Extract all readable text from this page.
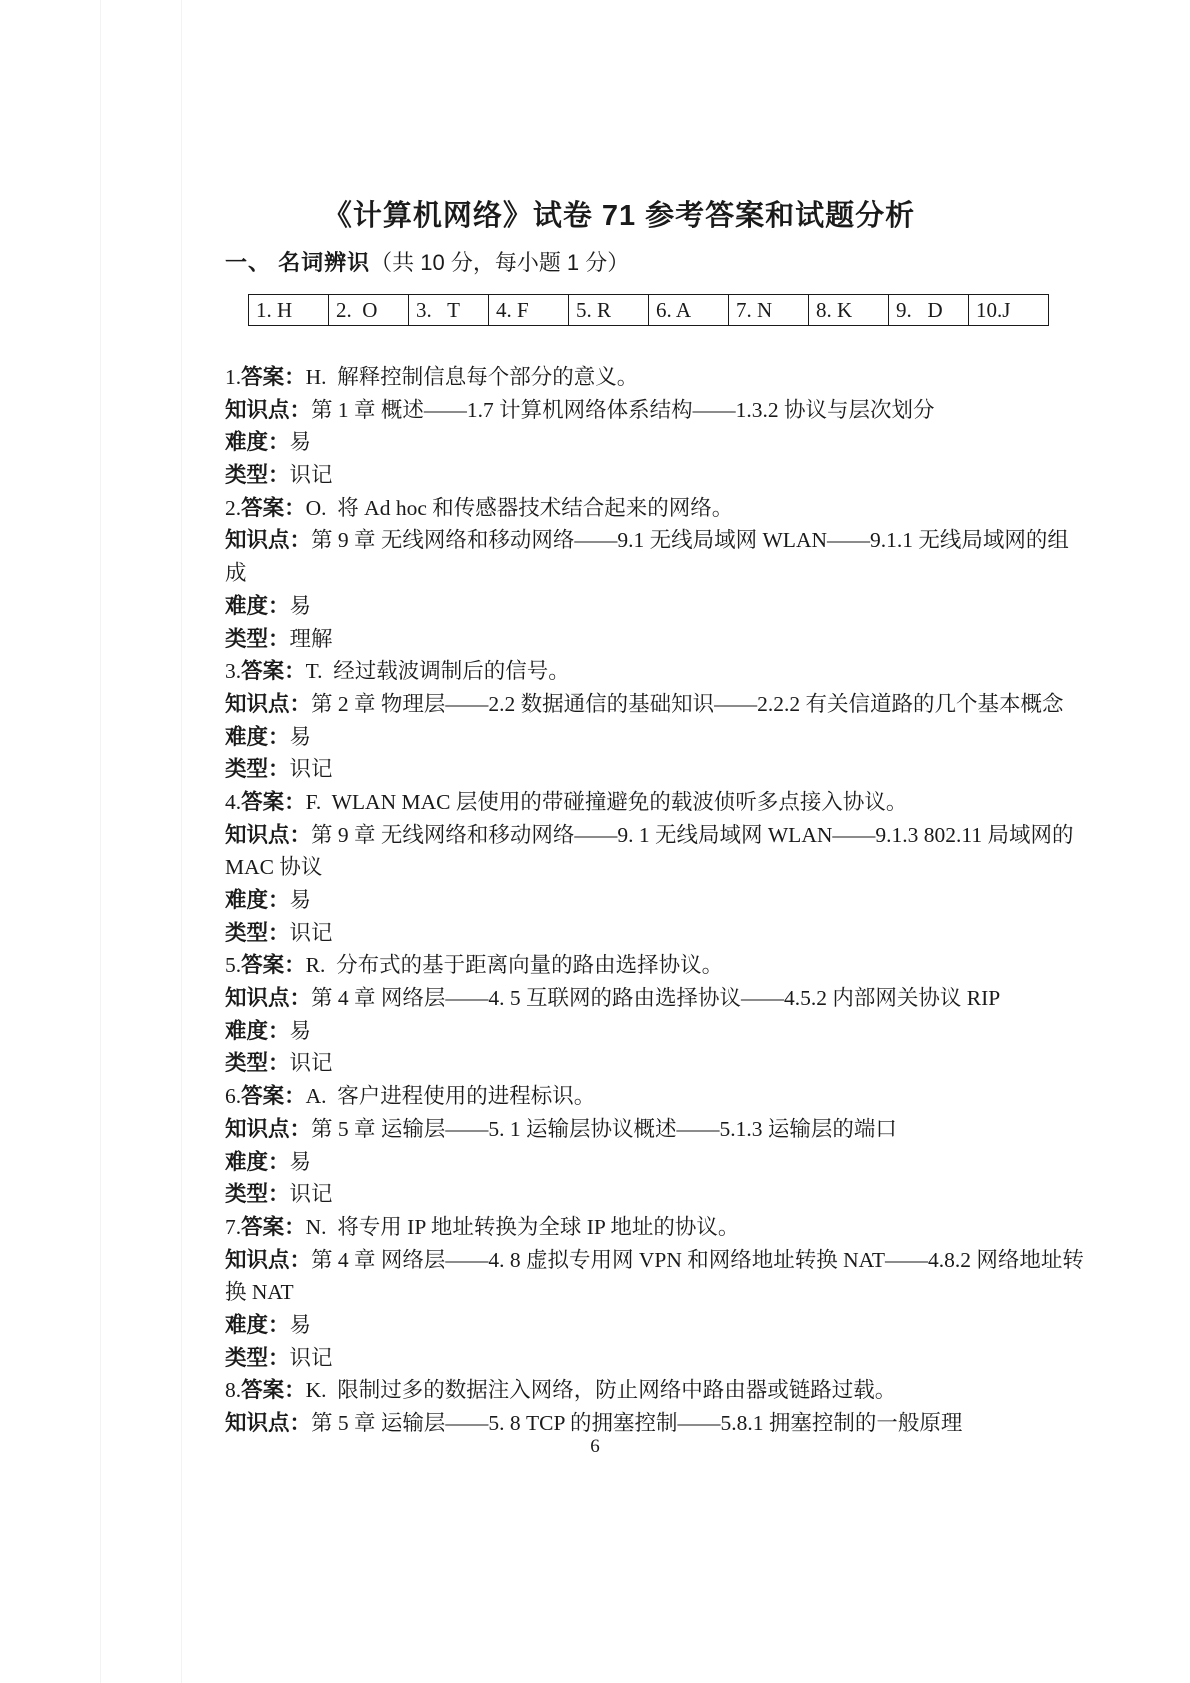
《计算机网络》试卷 71 参考答案和试题分析
一、 名词辨识（共 10 分，每小题 1 分）
1. H	2.  O	3.   T	4. F	5. R	6. A	7. N	8. K	9.   D	10.J
1.答案：H.  解释控制信息每个部分的意义。
知识点：第 1 章 概述——1.7 计算机网络体系结构——1.3.2 协议与层次划分
难度：易
类型：识记
2.答案：O.  将 Ad hoc 和传感器技术结合起来的网络。
知识点：第 9 章 无线网络和移动网络——9.1 无线局域网 WLAN——9.1.1 无线局域网的组
成
难度：易
类型：理解
3.答案：T.  经过载波调制后的信号。
知识点：第 2 章 物理层——2.2 数据通信的基础知识——2.2.2 有关信道路的几个基本概念
难度：易
类型：识记
4.答案：F.  WLAN MAC 层使用的带碰撞避免的载波侦听多点接入协议。
知识点：第 9 章 无线网络和移动网络——9. 1 无线局域网 WLAN——9.1.3 802.11 局域网的
MAC 协议
难度：易
类型：识记
5.答案：R.  分布式的基于距离向量的路由选择协议。
知识点：第 4 章 网络层——4. 5 互联网的路由选择协议——4.5.2 内部网关协议 RIP
难度：易
类型：识记
6.答案：A.  客户进程使用的进程标识。
知识点：第 5 章 运输层——5. 1 运输层协议概述——5.1.3 运输层的端口
难度：易
类型：识记
7.答案：N.  将专用 IP 地址转换为全球 IP 地址的协议。
知识点：第 4 章 网络层——4. 8 虚拟专用网 VPN 和网络地址转换 NAT——4.8.2 网络地址转
换 NAT
难度：易
类型：识记
8.答案：K.  限制过多的数据注入网络，防止网络中路由器或链路过载。
知识点：第 5 章 运输层——5. 8 TCP 的拥塞控制——5.8.1 拥塞控制的一般原理
6
